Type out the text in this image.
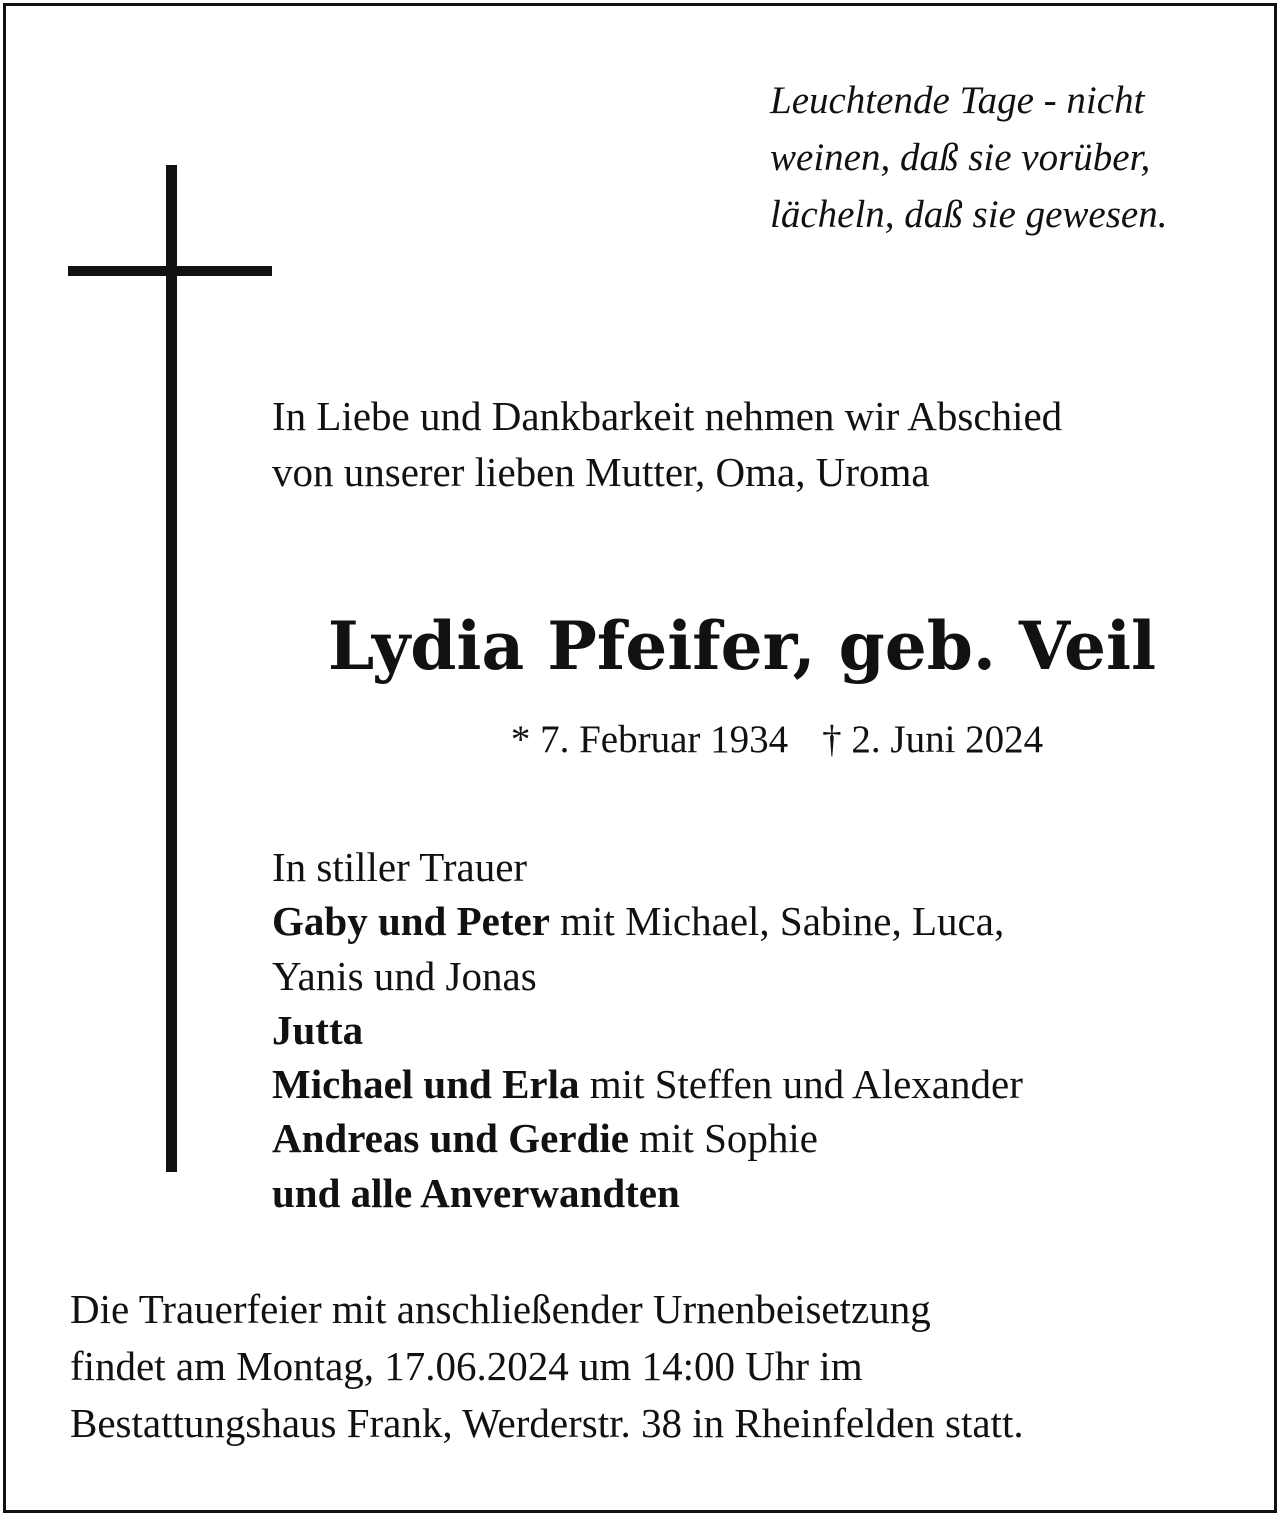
Leuchtende Tage - nicht
weinen, daß sie vorüber,
lächeln, daß sie gewesen.
In Liebe und Dankbarkeit nehmen wir Abschied
von unserer lieben Mutter, Oma, Uroma
Lydia Pfeifer, geb. Veil
* 7. Februar 1934 † 2. Juni 2024
In stiller Trauer
Gaby und Peter mit Michael, Sabine, Luca,
Yanis und Jonas
Jutta
Michael und Erla mit Steffen und Alexander
Andreas und Gerdie mit Sophie
und alle Anverwandten
Die Trauerfeier mit anschließender Urnenbeisetzung
findet am Montag, 17.06.2024 um 14:00 Uhr im
Bestattungshaus Frank, Werderstr. 38 in Rheinfelden statt.
